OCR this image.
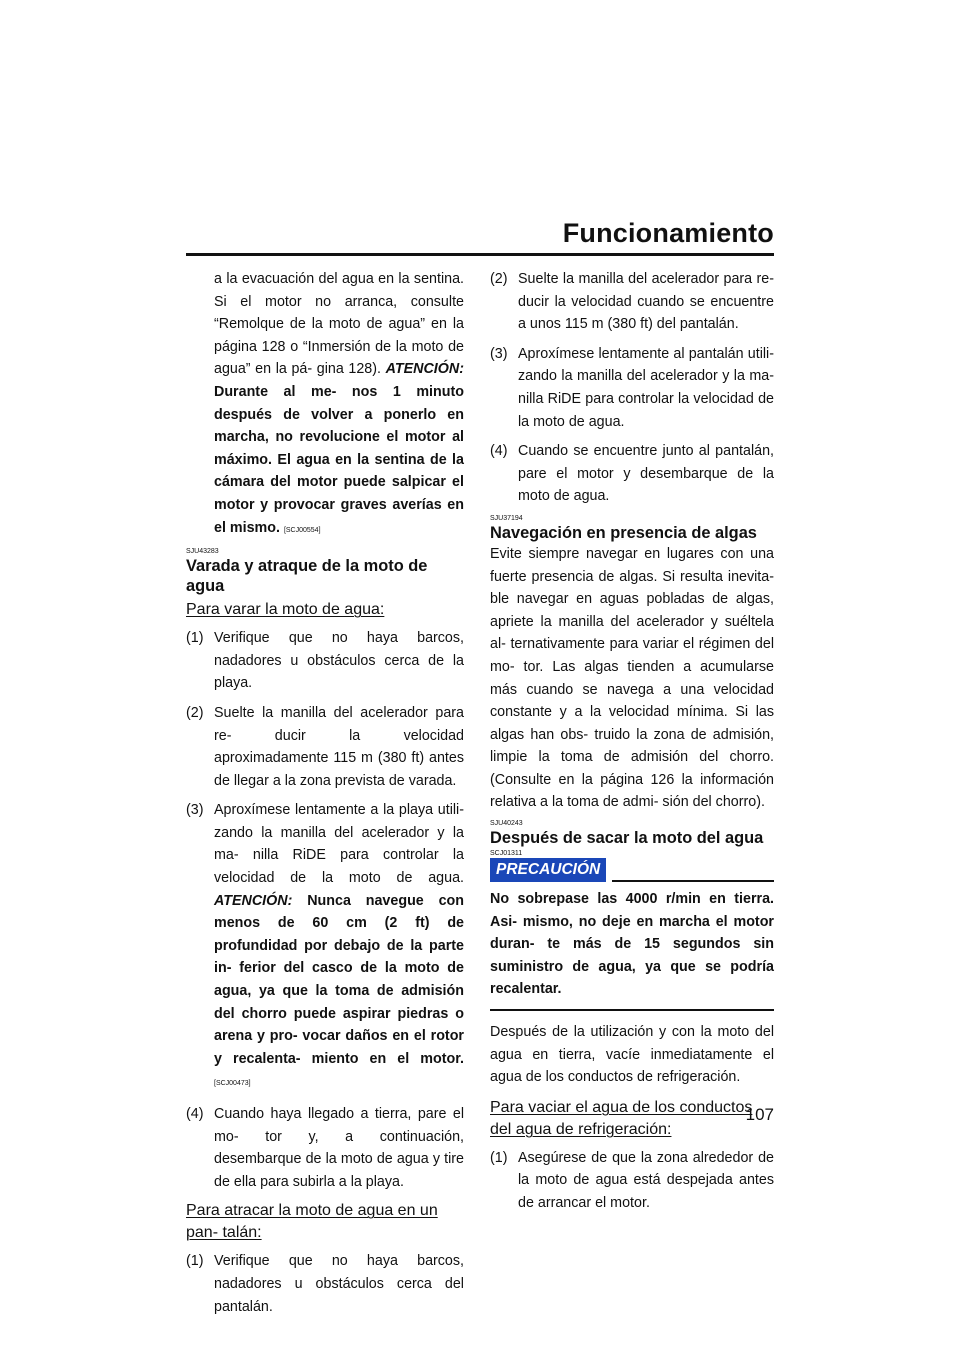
Funcionamiento
a la evacuación del agua en la sentina. Si el motor no arranca, consulte “Remolque de la moto de agua” en la página 128 o “Inmersión de la moto de agua” en la pá- gina 128). ATENCIÓN: Durante al me- nos 1 minuto después de volver a ponerlo en marcha, no revolucione el motor al máximo. El agua en la sentina de la cámara del motor puede salpicar el motor y provocar graves averías en el mismo. [SCJ00554]
SJU43283
Varada y atraque de la moto de agua
Para varar la moto de agua:
(1) Verifique que no haya barcos, nadadores u obstáculos cerca de la playa.
(2) Suelte la manilla del acelerador para re- ducir la velocidad aproximadamente 115 m (380 ft) antes de llegar a la zona prevista de varada.
(3) Aproxímese lentamente a la playa utili- zando la manilla del acelerador y la ma- nilla RiDE para controlar la velocidad de la moto de agua. ATENCIÓN: Nunca navegue con menos de 60 cm (2 ft) de profundidad por debajo de la parte in- ferior del casco de la moto de agua, ya que la toma de admisión del chorro puede aspirar piedras o arena y pro- vocar daños en el rotor y recalenta- miento en el motor. [SCJ00473]
(4) Cuando haya llegado a tierra, pare el mo- tor y, a continuación, desembarque de la moto de agua y tire de ella para subirla a la playa.
Para atracar la moto de agua en un pan- talán:
(1) Verifique que no haya barcos, nadadores u obstáculos cerca del pantalán.
(2) Suelte la manilla del acelerador para re- ducir la velocidad cuando se encuentre a unos 115 m (380 ft) del pantalán.
(3) Aproxímese lentamente al pantalán utili- zando la manilla del acelerador y la ma- nilla RiDE para controlar la velocidad de la moto de agua.
(4) Cuando se encuentre junto al pantalán, pare el motor y desembarque de la moto de agua.
SJU37194
Navegación en presencia de algas
Evite siempre navegar en lugares con una fuerte presencia de algas. Si resulta inevita- ble navegar en aguas pobladas de algas, apriete la manilla del acelerador y suéltela al- ternativamente para variar el régimen del mo- tor. Las algas tienden a acumularse más cuando se navega a una velocidad constante y a la velocidad mínima. Si las algas han obs- truido la zona de admisión, limpie la toma de admisión del chorro. (Consulte en la página 126 la información relativa a la toma de admi- sión del chorro).
SJU40243
Después de sacar la moto del agua
SCJ01311
PRECAUCIÓN
No sobrepase las 4000 r/min en tierra. Asi- mismo, no deje en marcha el motor duran- te más de 15 segundos sin suministro de agua, ya que se podría recalentar.
Después de la utilización y con la moto del agua en tierra, vacíe inmediatamente el agua de los conductos de refrigeración.
Para vaciar el agua de los conductos del agua de refrigeración:
(1) Asegúrese de que la zona alrededor de la moto de agua está despejada antes de arrancar el motor.
107
